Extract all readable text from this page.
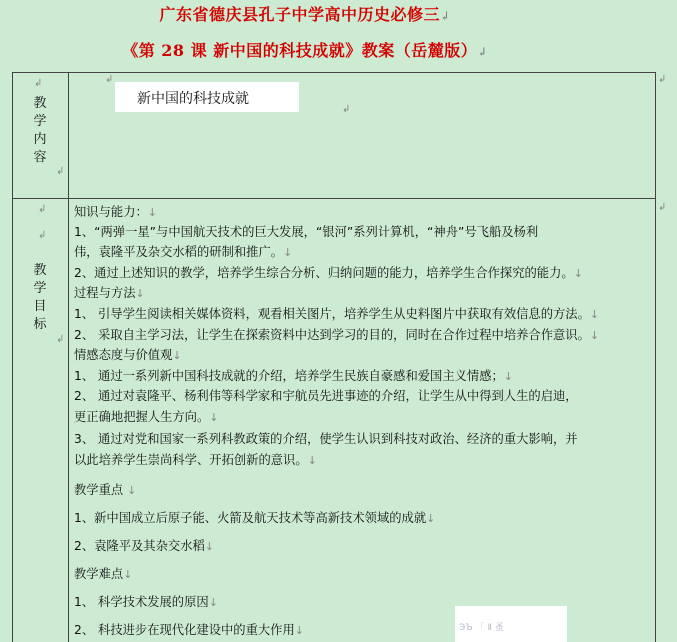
广东省德庆县孔子中学高中历史必修三↲
《第 28 课 新中国的科技成就》教案（岳麓版）↲
↲
教
学
内
容
↲
↲
新中国的科技成就
↲
↲
↲
↲
↲
教
学
目
标
↲
知识与能力：↓
1、“两弹一星”与中国航天技术的巨大发展，“银河”系列计算机，“神舟”号飞船及杨利
伟，袁隆平及杂交水稻的研制和推广。↓
2、通过上述知识的教学，培养学生综合分析、归纳问题的能力，培养学生合作探究的能力。↓
过程与方法↓
1、 引导学生阅读相关媒体资料，观看相关图片，培养学生从史料图片中获取有效信息的方法。↓
2、 采取自主学习法，让学生在探索资料中达到学习的目的，同时在合作过程中培养合作意识。↓
情感态度与价值观↓
1、 通过一系列新中国科技成就的介绍，培养学生民族自豪感和爱国主义情感；↓
2、 通过对袁隆平、杨利伟等科学家和宇航员先进事迹的介绍，让学生从中得到人生的启迪，
更正确地把握人生方向。↓
3、 通过对党和国家一系列科教政策的介绍，使学生认识到科技对政治、经济的重大影响，并
以此培养学生崇尚科学、开拓创新的意识。↓
教学重点 ↓
1、新中国成立后原子能、火箭及航天技术等高新技术领域的成就↓
2、袁隆平及其杂交水稻↓
教学难点↓
1、 科学技术发展的原因↓
2、 科技进步在现代化建设中的重大作用↓	ЭЪ 「 Ⅱ 蚤
